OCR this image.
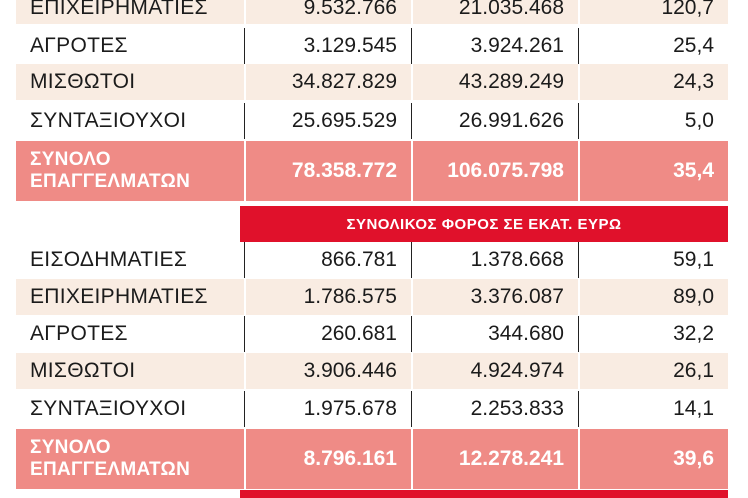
ΕΠΙΧΕΙΡΗΜΑΤΙΕΣ	9.532.766	21.035.468	120,7
ΑΓΡΟΤΕΣ	3.129.545	3.924.261	25,4
ΜΙΣΘΩΤΟΙ	34.827.829	43.289.249	24,3
ΣΥΝΤΑΞΙΟΥΧΟΙ	25.695.529	26.991.626	5,0
ΣΥΝΟΛΟ
ΕΠΑΓΓΕΛΜΑΤΩΝ	78.358.772	106.075.798	35,4
ΣΥΝΟΛΙΚΟΣ ΦΟΡΟΣ ΣΕ ΕΚΑΤ. ΕΥΡΩ
ΕΙΣΟΔΗΜΑΤΙΕΣ	866.781	1.378.668	59,1
ΕΠΙΧΕΙΡΗΜΑΤΙΕΣ	1.786.575	3.376.087	89,0
ΑΓΡΟΤΕΣ	260.681	344.680	32,2
ΜΙΣΘΩΤΟΙ	3.906.446	4.924.974	26,1
ΣΥΝΤΑΞΙΟΥΧΟΙ	1.975.678	2.253.833	14,1
ΣΥΝΟΛΟ
ΕΠΑΓΓΕΛΜΑΤΩΝ	8.796.161	12.278.241	39,6
